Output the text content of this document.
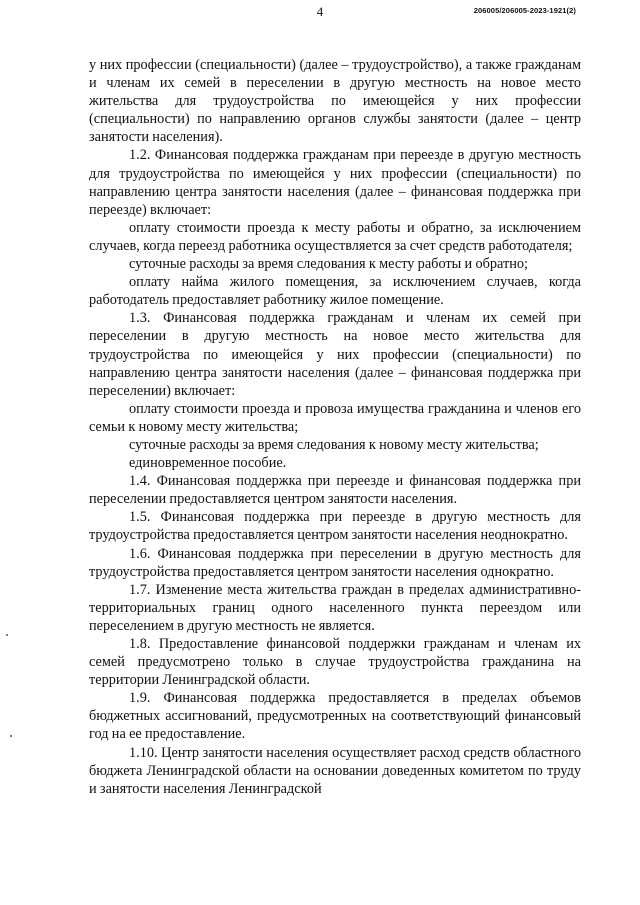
4	206005/206005-2023-1921(2)

у них профессии (специальности) (далее – трудоустройство), а также гражданам и членам их семей в переселении в другую местность на новое место жительства для трудоустройства по имеющейся у них профессии (специальности) по направлению органов службы занятости (далее – центр занятости населения).

1.2. Финансовая поддержка гражданам при переезде в другую местность для трудоустройства по имеющейся у них профессии (специальности) по направлению центра занятости населения (далее – финансовая поддержка при переезде) включает:

оплату стоимости проезда к месту работы и обратно, за исключением случаев, когда переезд работника осуществляется за счет средств работодателя;

суточные расходы за время следования к месту работы и обратно;

оплату найма жилого помещения, за исключением случаев, когда работодатель предоставляет работнику жилое помещение.

1.3. Финансовая поддержка гражданам и членам их семей при переселении в другую местность на новое место жительства для трудоустройства по имеющейся у них профессии (специальности) по направлению центра занятости населения (далее – финансовая поддержка при переселении) включает:

оплату стоимости проезда и провоза имущества гражданина и членов его семьи к новому месту жительства;

суточные расходы за время следования к новому месту жительства;

единовременное пособие.

1.4. Финансовая поддержка при переезде и финансовая поддержка при переселении предоставляется центром занятости населения.

1.5. Финансовая поддержка при переезде в другую местность для трудоустройства предоставляется центром занятости населения неоднократно.

1.6. Финансовая поддержка при переселении в другую местность для трудоустройства предоставляется центром занятости населения однократно.

1.7. Изменение места жительства граждан в пределах административно-территориальных границ одного населенного пункта переездом или переселением в другую местность не является.

1.8. Предоставление финансовой поддержки гражданам и членам их семей предусмотрено только в случае трудоустройства гражданина на территории Ленинградской области.

1.9. Финансовая поддержка предоставляется в пределах объемов бюджетных ассигнований, предусмотренных на соответствующий финансовый год на ее предоставление.

1.10. Центр занятости населения осуществляет расход средств областного бюджета Ленинградской области на основании доведенных комитетом по труду и занятости населения Ленинградской
